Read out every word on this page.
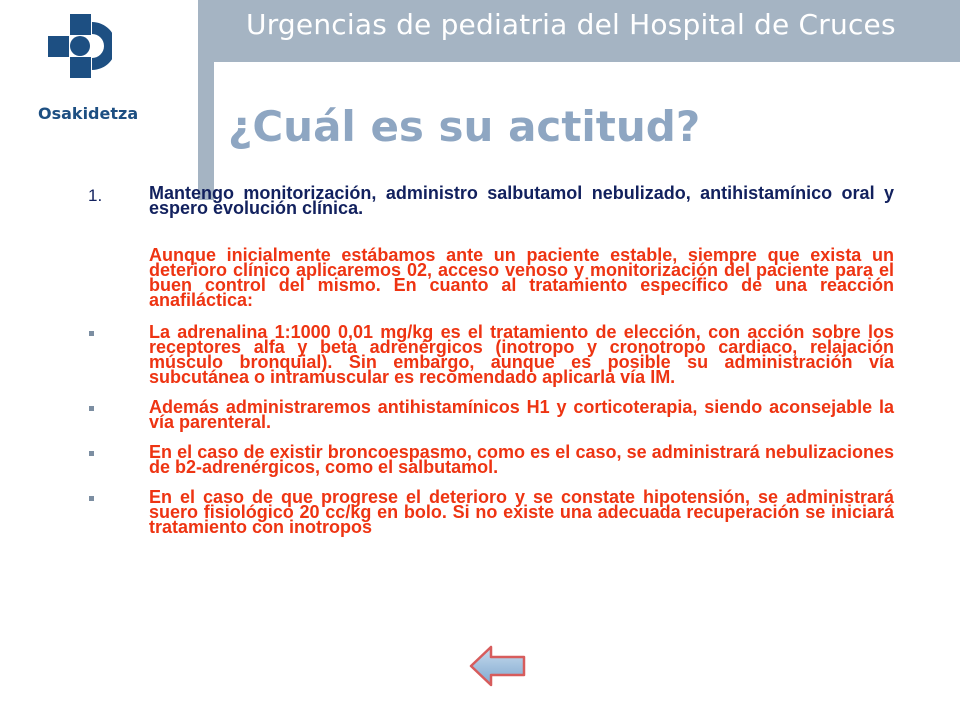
Urgencias de pediatria del Hospital de Cruces
Osakidetza ¿Cuál es su actitud?
1.	Mantengo monitorización, administro salbutamol nebulizado, antihistamínico oral y espero evolución clínica.
Aunque inicialmente estábamos ante un paciente estable, siempre que exista un deterioro clínico aplicaremos 02, acceso venoso y monitorización del paciente para el buen control del mismo. En cuanto al tratamiento específico de una reacción anafiláctica:
La adrenalina 1:1000 0,01 mg/kg es el tratamiento de elección, con acción sobre los receptores alfa y beta adrenérgicos (inotropo y cronotropo cardiaco, relajación músculo bronquial). Sin embargo, aunque es posible su administración vía subcutánea o intramuscular es recomendado aplicarla vía IM.
Además administraremos antihistamínicos H1 y corticoterapia, siendo aconsejable la vía parenteral.
En el caso de existir broncoespasmo, como es el caso, se administrará nebulizaciones de b2-adrenérgicos, como el salbutamol.
En el caso de que progrese el deterioro y se constate hipotensión, se administrará suero fisiológico 20 cc/kg en bolo. Si no existe una adecuada recuperación se iniciará tratamiento con inotropos
